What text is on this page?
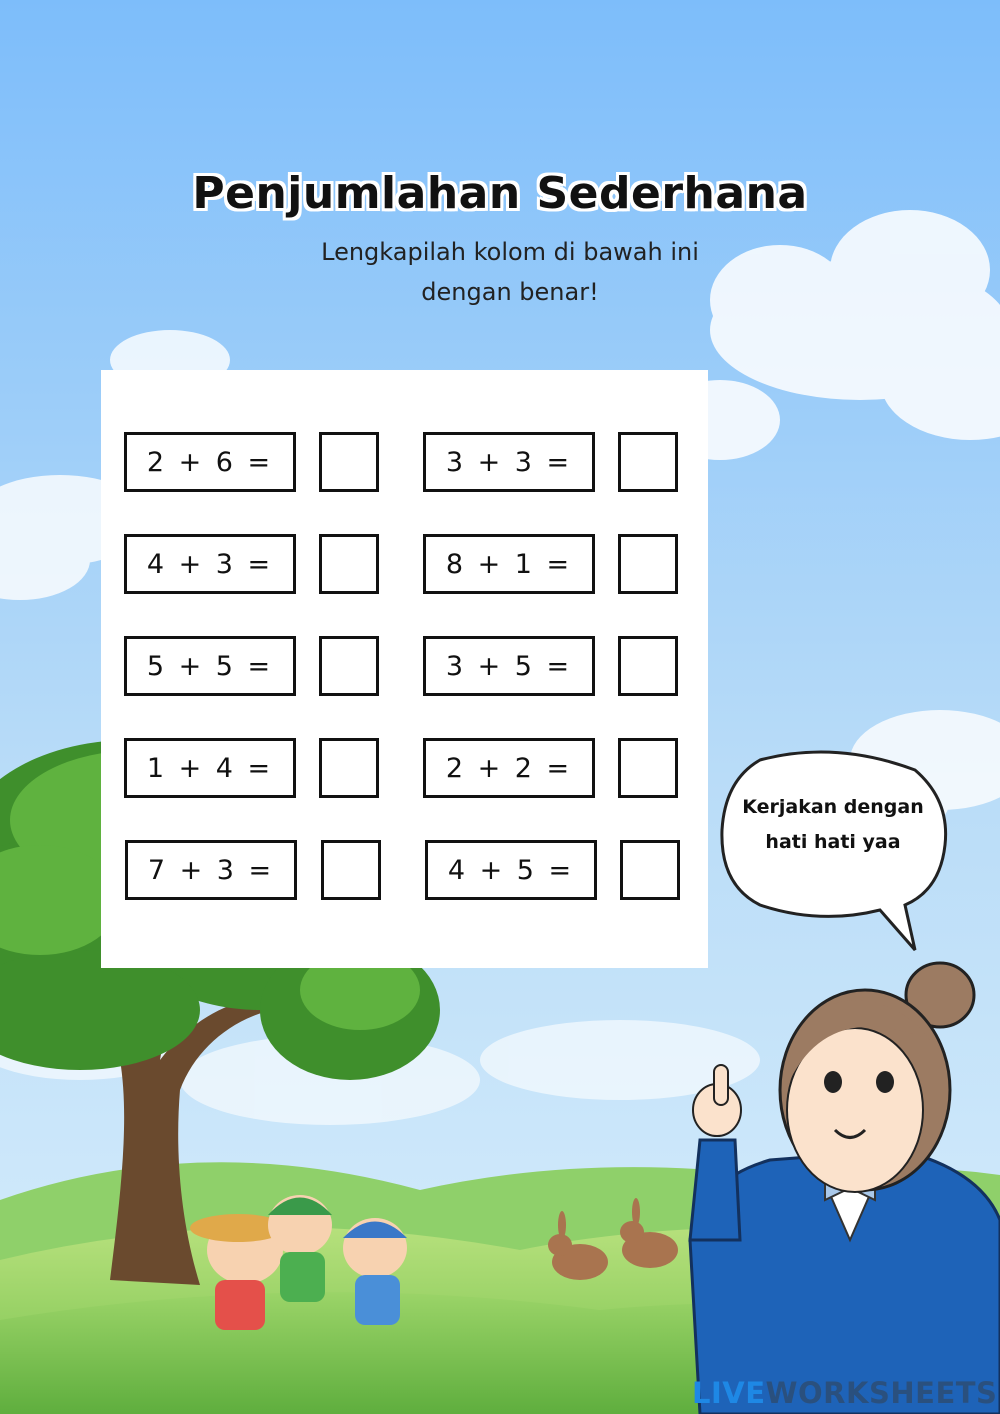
Penjumlahan Sederhana
Lengkapilah kolom di bawah ini
dengan benar!
2 + 6 =	3 + 3 =
4 + 3 =	8 + 1 =
5 + 5 =	3 + 5 =
1 + 4 =	2 + 2 =
7 + 3 =	4 + 5 =
Kerjakan dengan
hati hati yaa
LIVEWORKSHEETS
